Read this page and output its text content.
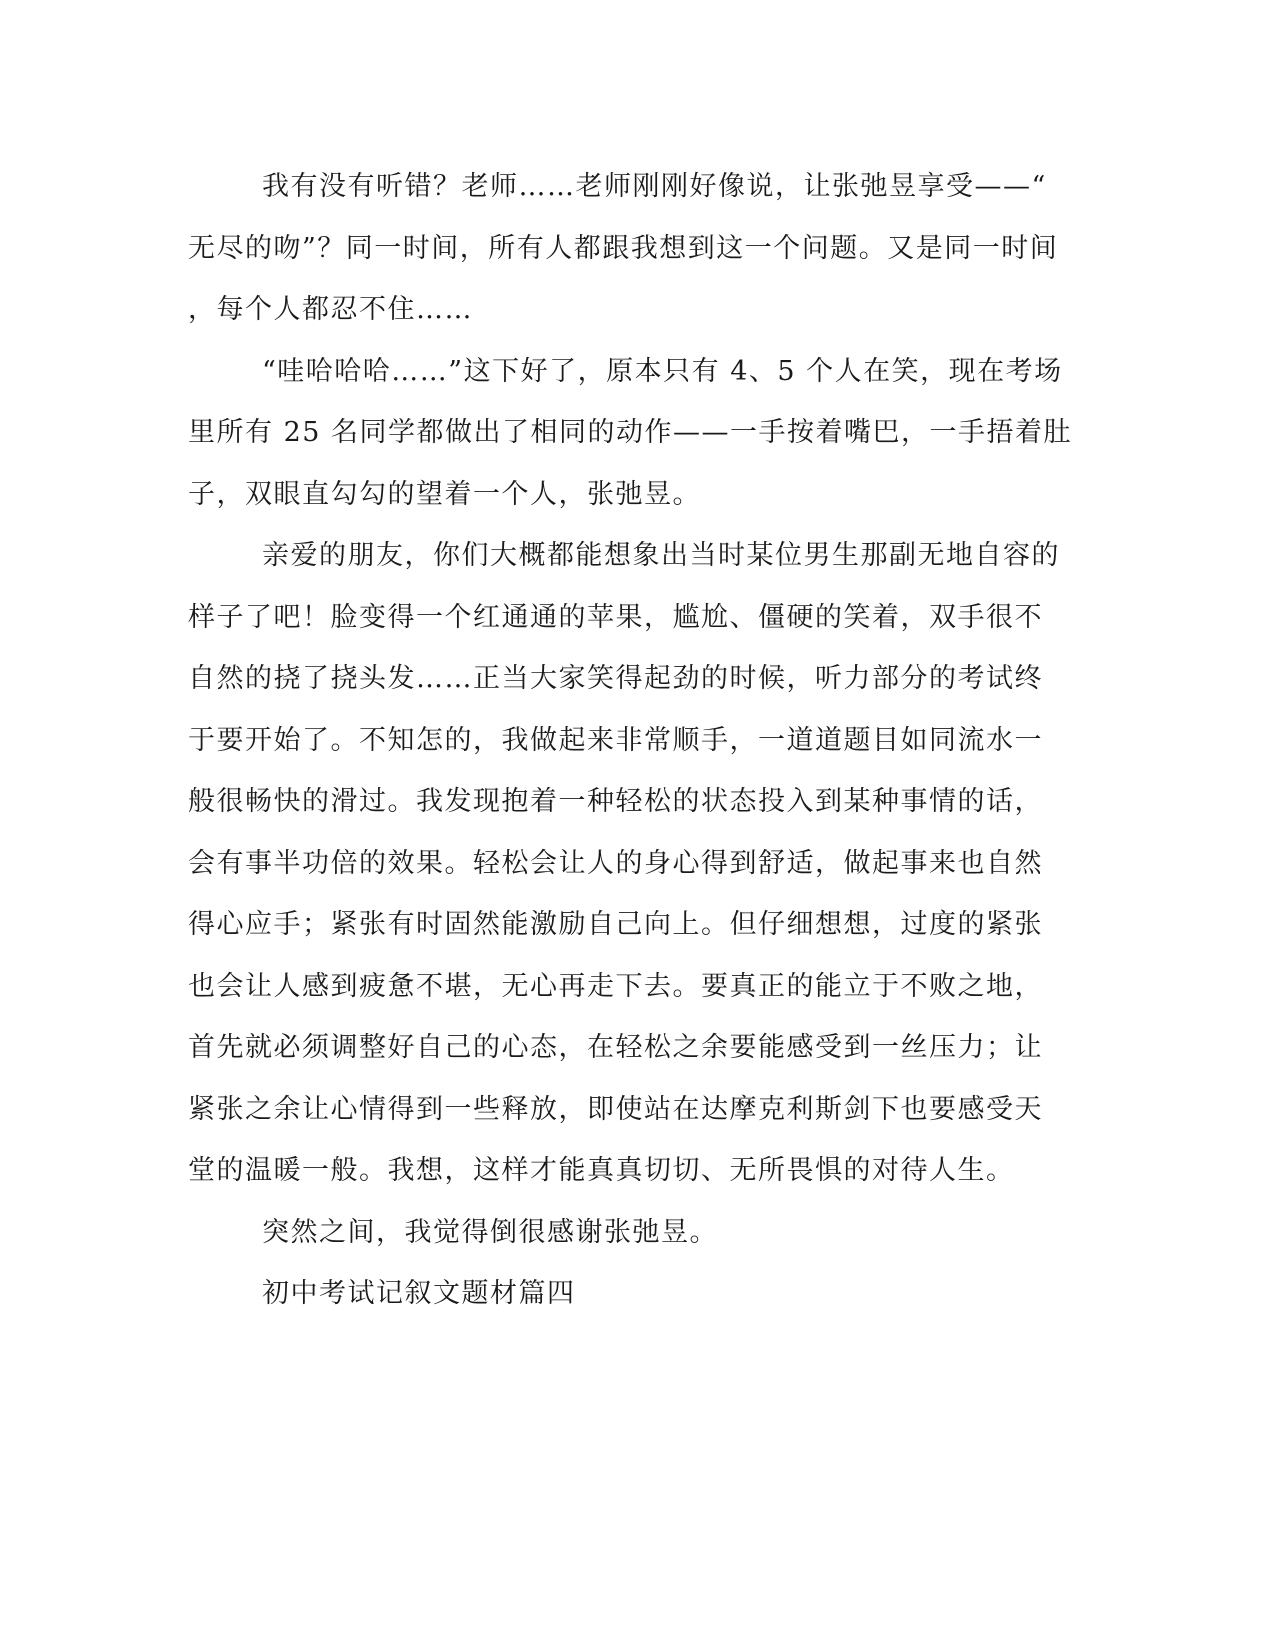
我有没有听错？老师……老师刚刚好像说，让张弛昱享受——“
无尽的吻”？同一时间，所有人都跟我想到这一个问题。又是同一时间
，每个人都忍不住……

“哇哈哈哈……”这下好了，原本只有 4、5 个人在笑，现在考场
里所有 25 名同学都做出了相同的动作——一手按着嘴巴，一手捂着肚
子，双眼直勾勾的望着一个人，张弛昱。

亲爱的朋友，你们大概都能想象出当时某位男生那副无地自容的
样子了吧！脸变得一个红通通的苹果，尴尬、僵硬的笑着，双手很不
自然的挠了挠头发……正当大家笑得起劲的时候，听力部分的考试终
于要开始了。不知怎的，我做起来非常顺手，一道道题目如同流水一
般很畅快的滑过。我发现抱着一种轻松的状态投入到某种事情的话，
会有事半功倍的效果。轻松会让人的身心得到舒适，做起事来也自然
得心应手；紧张有时固然能激励自己向上。但仔细想想，过度的紧张
也会让人感到疲惫不堪，无心再走下去。要真正的能立于不败之地，
首先就必须调整好自己的心态，在轻松之余要能感受到一丝压力；让
紧张之余让心情得到一些释放，即使站在达摩克利斯剑下也要感受天
堂的温暖一般。我想，这样才能真真切切、无所畏惧的对待人生。

突然之间，我觉得倒很感谢张弛昱。

初中考试记叙文题材篇四
